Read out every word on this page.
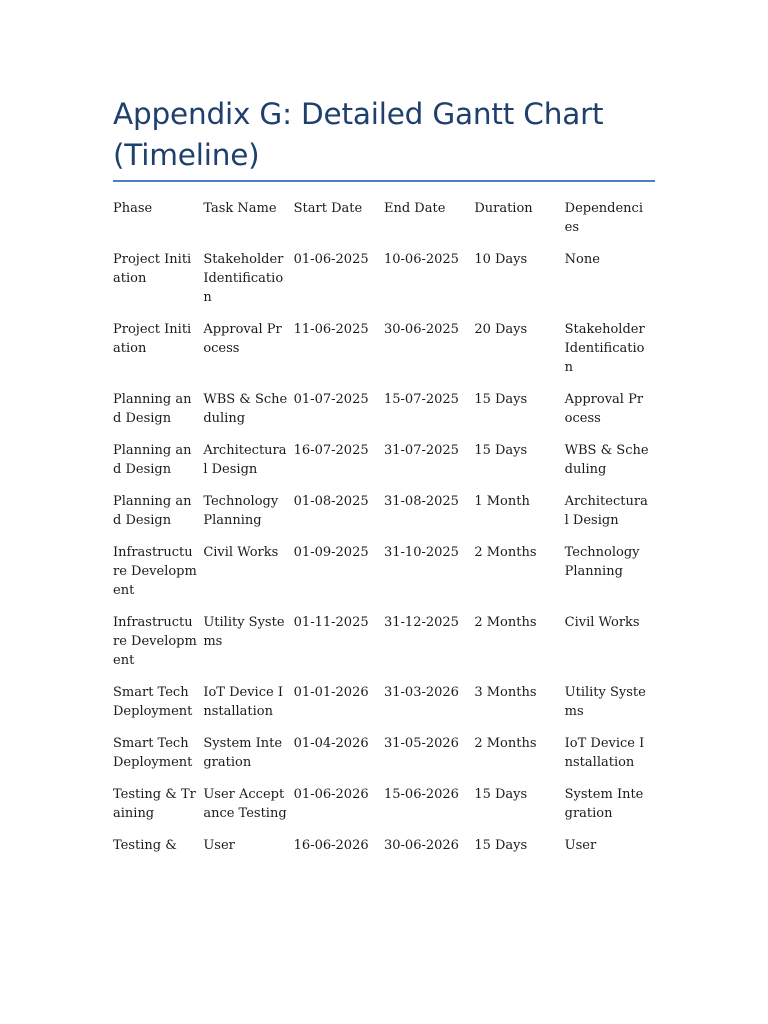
Appendix G: Detailed Gantt Chart (Timeline)
Phase	Task Name	Start Date	End Date	Duration	Dependencies
Project Initiation	Stakeholder Identification	01-06-2025	10-06-2025	10 Days	None
Project Initiation	Approval Process	11-06-2025	30-06-2025	20 Days	Stakeholder Identification
Planning and Design	WBS & Scheduling	01-07-2025	15-07-2025	15 Days	Approval Process
Planning and Design	Architectural Design	16-07-2025	31-07-2025	15 Days	WBS & Scheduling
Planning and Design	Technology Planning	01-08-2025	31-08-2025	1 Month	Architectural Design
Infrastructure Development	Civil Works	01-09-2025	31-10-2025	2 Months	Technology Planning
Infrastructure Development	Utility Systems	01-11-2025	31-12-2025	2 Months	Civil Works
Smart Tech Deployment	IoT Device Installation	01-01-2026	31-03-2026	3 Months	Utility Systems
Smart Tech Deployment	System Integration	01-04-2026	31-05-2026	2 Months	IoT Device Installation
Testing & Training	User Acceptance Testing	01-06-2026	15-06-2026	15 Days	System Integration
Testing &	User	16-06-2026	30-06-2026	15 Days	User
